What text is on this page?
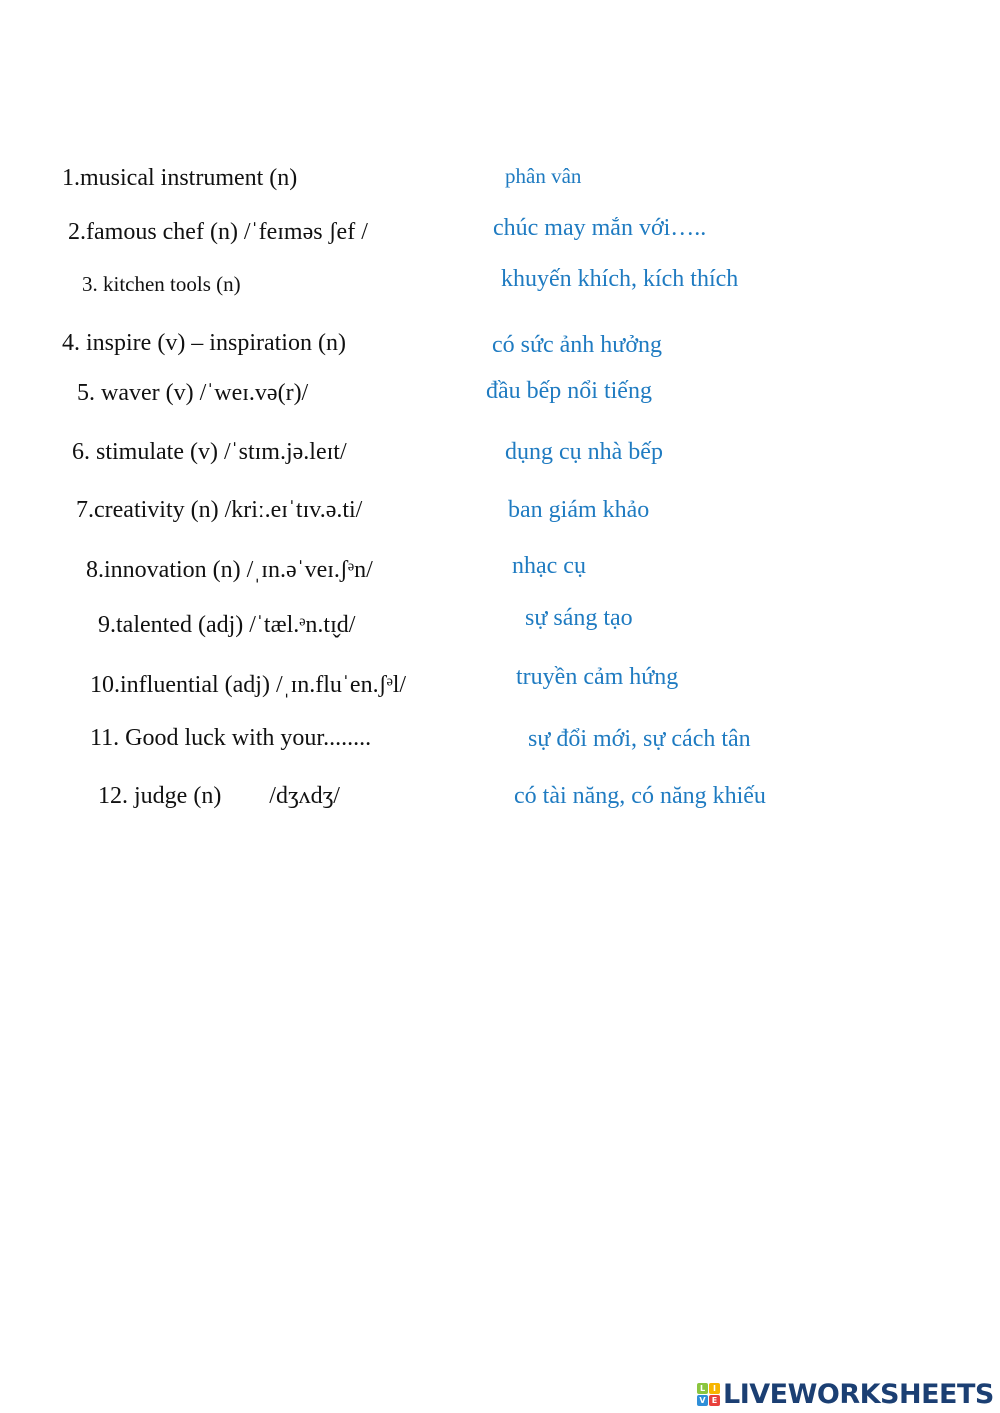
1.musical instrument (n)
2.famous chef (n) /ˈfeɪməs ʃef /
3. kitchen tools (n)
4. inspire (v) – inspiration (n)
5. waver (v) /ˈweɪ.və(r)/
6. stimulate (v) /ˈstɪm.jə.leɪt/
7.creativity (n) /kriː.eɪˈtɪv.ə.ti/
8.innovation (n) /ˌɪn.əˈveɪ.ʃᵊn/
9.talented (adj) /ˈtæl.ᵊn.tɪ̬d/
10.influential (adj) /ˌɪn.fluˈen.ʃᵊl/
11. Good luck with your........
12. judge (n)        /dʒʌdʒ/
phân vân
chúc may mắn với…..
khuyến khích, kích thích
có sức ảnh hưởng
đầu bếp nổi tiếng
dụng cụ nhà bếp
ban giám khảo
nhạc cụ
sự sáng tạo
truyền cảm hứng
sự đổi mới, sự cách tân
có tài năng, có năng khiếu
L I
V E LIVEWORKSHEETS
